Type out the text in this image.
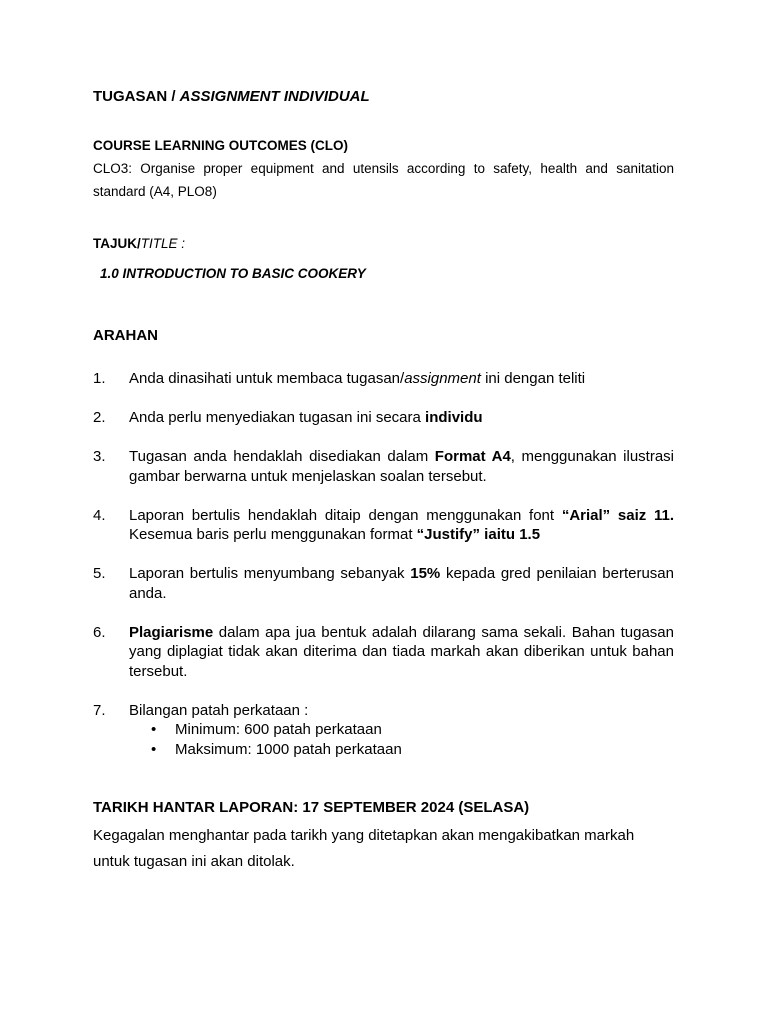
TUGASAN / ASSIGNMENT INDIVIDUAL
COURSE LEARNING OUTCOMES (CLO)
CLO3: Organise proper equipment and utensils according to safety, health and sanitation standard (A4, PLO8)
TAJUK/TITLE :
1.0 INTRODUCTION TO BASIC COOKERY
ARAHAN
1. Anda dinasihati untuk membaca tugasan/assignment ini dengan teliti
2. Anda perlu menyediakan tugasan ini secara individu
3. Tugasan anda hendaklah disediakan dalam Format A4, menggunakan ilustrasi gambar berwarna untuk menjelaskan soalan tersebut.
4. Laporan bertulis hendaklah ditaip dengan menggunakan font “Arial” saiz 11. Kesemua baris perlu menggunakan format “Justify” iaitu 1.5
5. Laporan bertulis menyumbang sebanyak 15% kepada gred penilaian berterusan anda.
6. Plagiarisme dalam apa jua bentuk adalah dilarang sama sekali. Bahan tugasan yang diplagiat tidak akan diterima dan tiada markah akan diberikan untuk bahan tersebut.
7. Bilangan patah perkataan :
• Minimum: 600 patah perkataan
• Maksimum: 1000 patah perkataan
TARIKH HANTAR LAPORAN: 17 SEPTEMBER 2024 (SELASA)
Kegagalan menghantar pada tarikh yang ditetapkan akan mengakibatkan markah untuk tugasan ini akan ditolak.
